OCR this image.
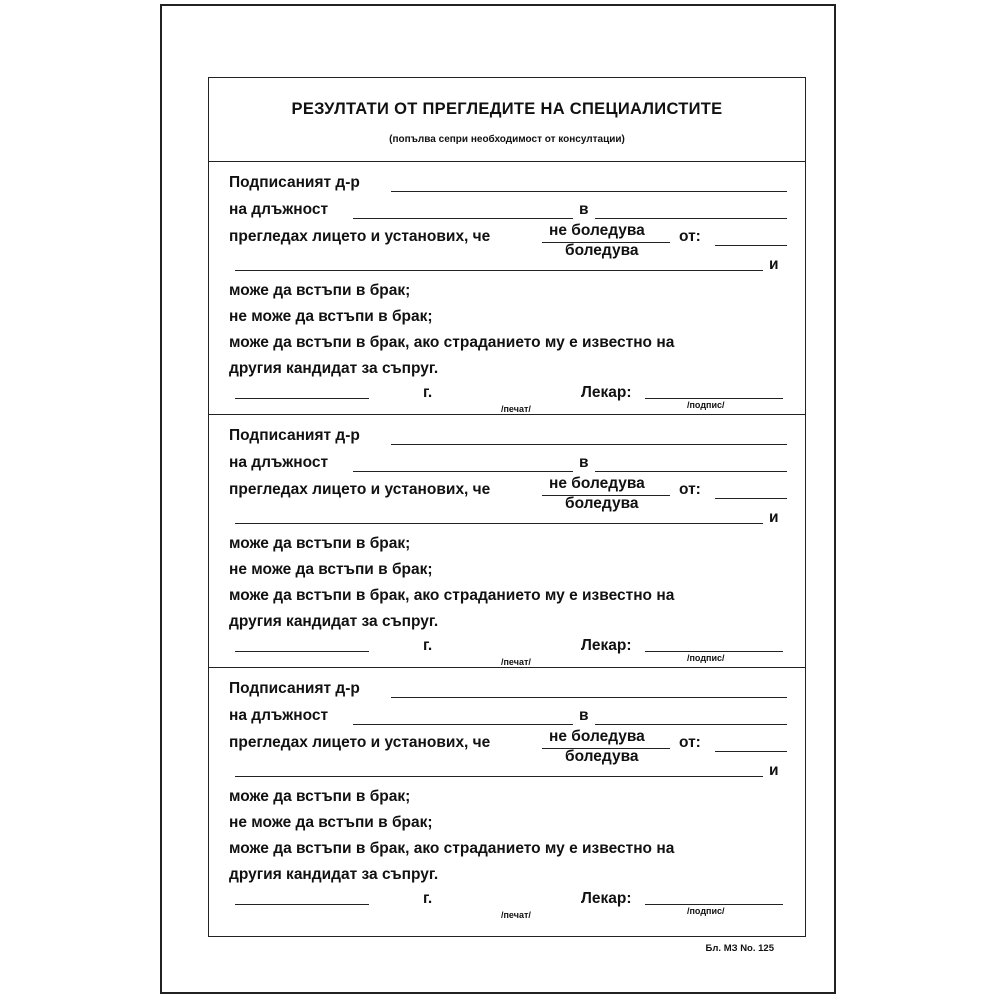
РЕЗУЛТАТИ ОТ ПРЕГЛЕДИТЕ НА СПЕЦИАЛИСТИТЕ
(попълва сепри необходимост от консултации)
Подписаният д-р
на длъжност	в
прегледах лицето и установих, че	не боледува
боледува
от:
и
може да встъпи в брак;
не може да встъпи в брак;
може да встъпи в брак, ако страданието му е известно на
другия кандидат за съпруг.
г.	Лекар:
/печат/	/подпис/
Подписаният д-р
на длъжност	в
прегледах лицето и установих, че	не боледува
боледува
от:
и
може да встъпи в брак;
не може да встъпи в брак;
може да встъпи в брак, ако страданието му е известно на
другия кандидат за съпруг.
г.	Лекар:
/печат/	/подпис/
Подписаният д-р
на длъжност	в
прегледах лицето и установих, че	не боледува
боледува
от:
и
може да встъпи в брак;
не може да встъпи в брак;
може да встъпи в брак, ако страданието му е известно на
другия кандидат за съпруг.
г.	Лекар:
/печат/	/подпис/
Бл. МЗ No. 125
